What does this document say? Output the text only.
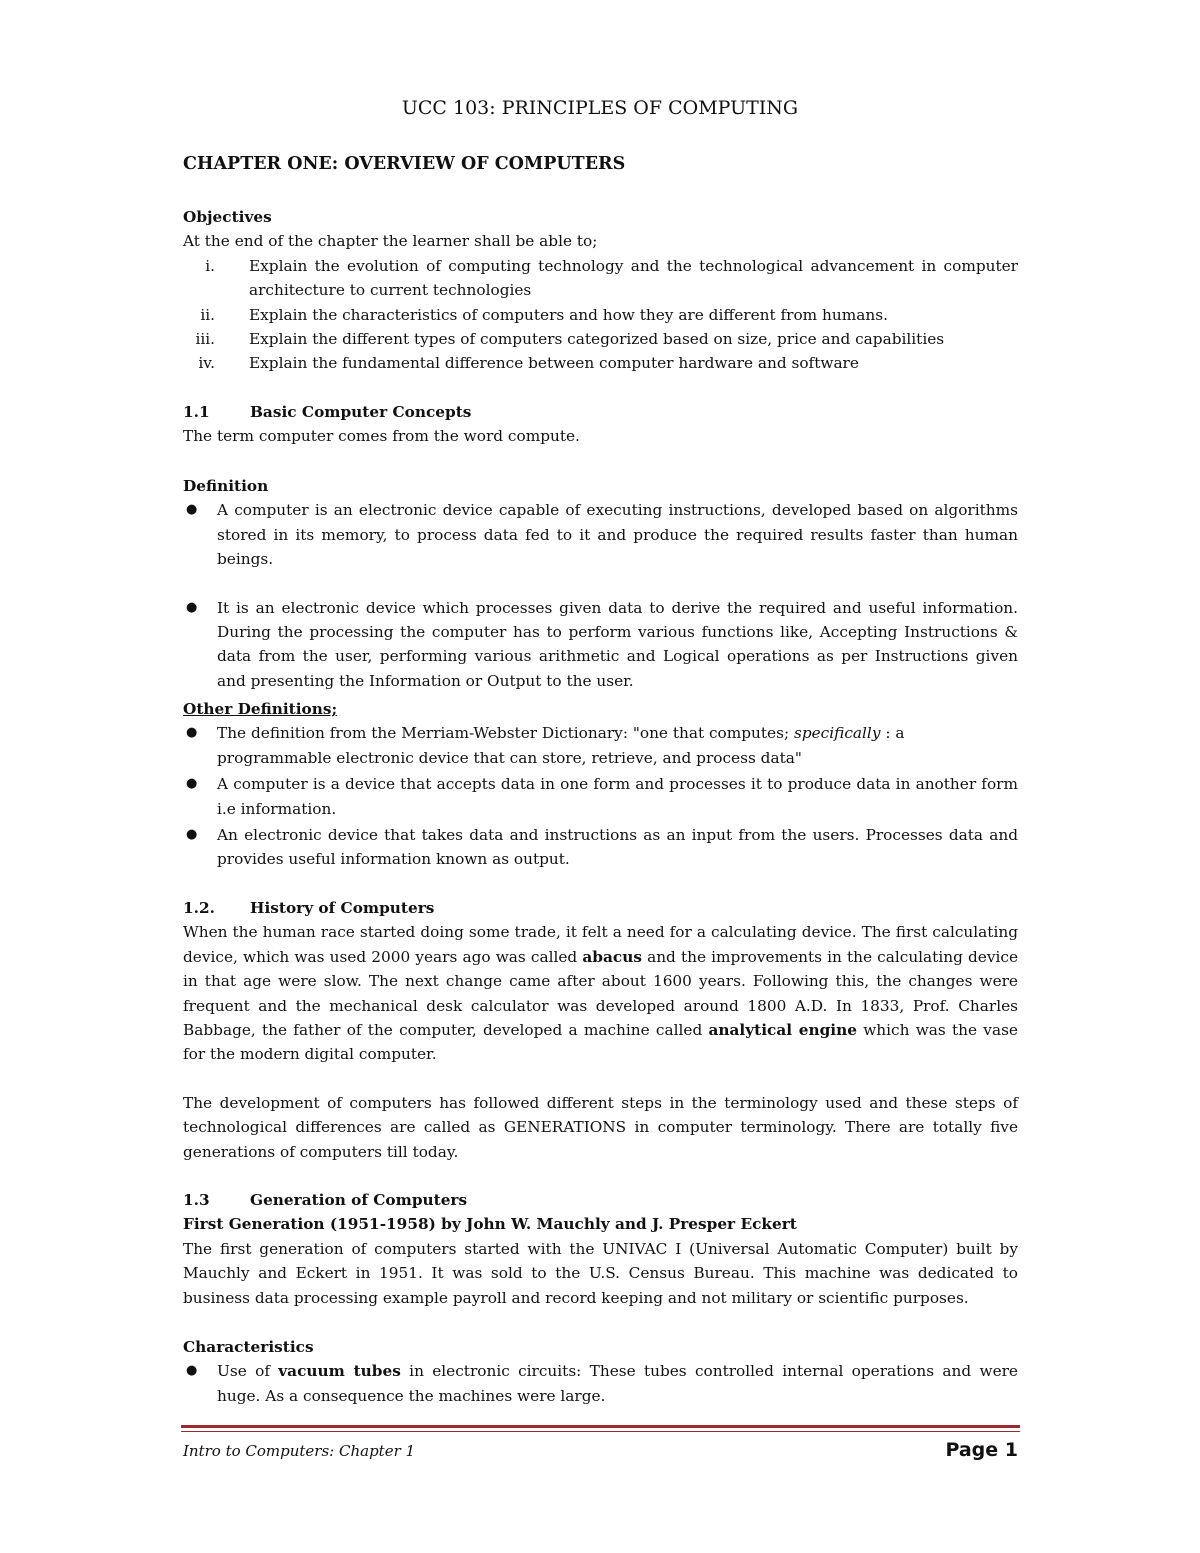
UCC 103: PRINCIPLES OF COMPUTING
CHAPTER ONE: OVERVIEW OF COMPUTERS
Objectives
At the end of the chapter the learner shall be able to;
i. Explain the evolution of computing technology and the technological advancement in computer architecture to current technologies
ii. Explain the characteristics of computers and how they are different from humans.
iii. Explain the different types of computers categorized based on size, price and capabilities
iv. Explain the fundamental difference between computer hardware and software
1.1	Basic Computer Concepts
The term computer comes from the word compute.
Definition
● A computer is an electronic device capable of executing instructions, developed based on algorithms stored in its memory, to process data fed to it and produce the required results faster than human beings.
● It is an electronic device which processes given data to derive the required and useful information. During the processing the computer has to perform various functions like, Accepting Instructions & data from the user, performing various arithmetic and Logical operations as per Instructions given and presenting the Information or Output to the user.
Other Definitions;
● The definition from the Merriam-Webster Dictionary: "one that computes; specifically : a programmable electronic device that can store, retrieve, and process data"
● A computer is a device that accepts data in one form and processes it to produce data in another form i.e information.
● An electronic device that takes data and instructions as an input from the users. Processes data and provides useful information known as output.
1.2. History of Computers
When the human race started doing some trade, it felt a need for a calculating device. The first calculating device, which was used 2000 years ago was called abacus and the improvements in the calculating device in that age were slow. The next change came after about 1600 years. Following this, the changes were frequent and the mechanical desk calculator was developed around 1800 A.D. In 1833, Prof. Charles Babbage, the father of the computer, developed a machine called analytical engine which was the vase for the modern digital computer.
The development of computers has followed different steps in the terminology used and these steps of technological differences are called as GENERATIONS in computer terminology. There are totally five generations of computers till today.
1.3	Generation of Computers
First Generation (1951-1958) by John W. Mauchly and J. Presper Eckert
The first generation of computers started with the UNIVAC I (Universal Automatic Computer) built by Mauchly and Eckert in 1951. It was sold to the U.S. Census Bureau. This machine was dedicated to business data processing example payroll and record keeping and not military or scientific purposes.
Characteristics
● Use of vacuum tubes in electronic circuits: These tubes controlled internal operations and were huge. As a consequence the machines were large.
Intro to Computers: Chapter 1	Page 1
